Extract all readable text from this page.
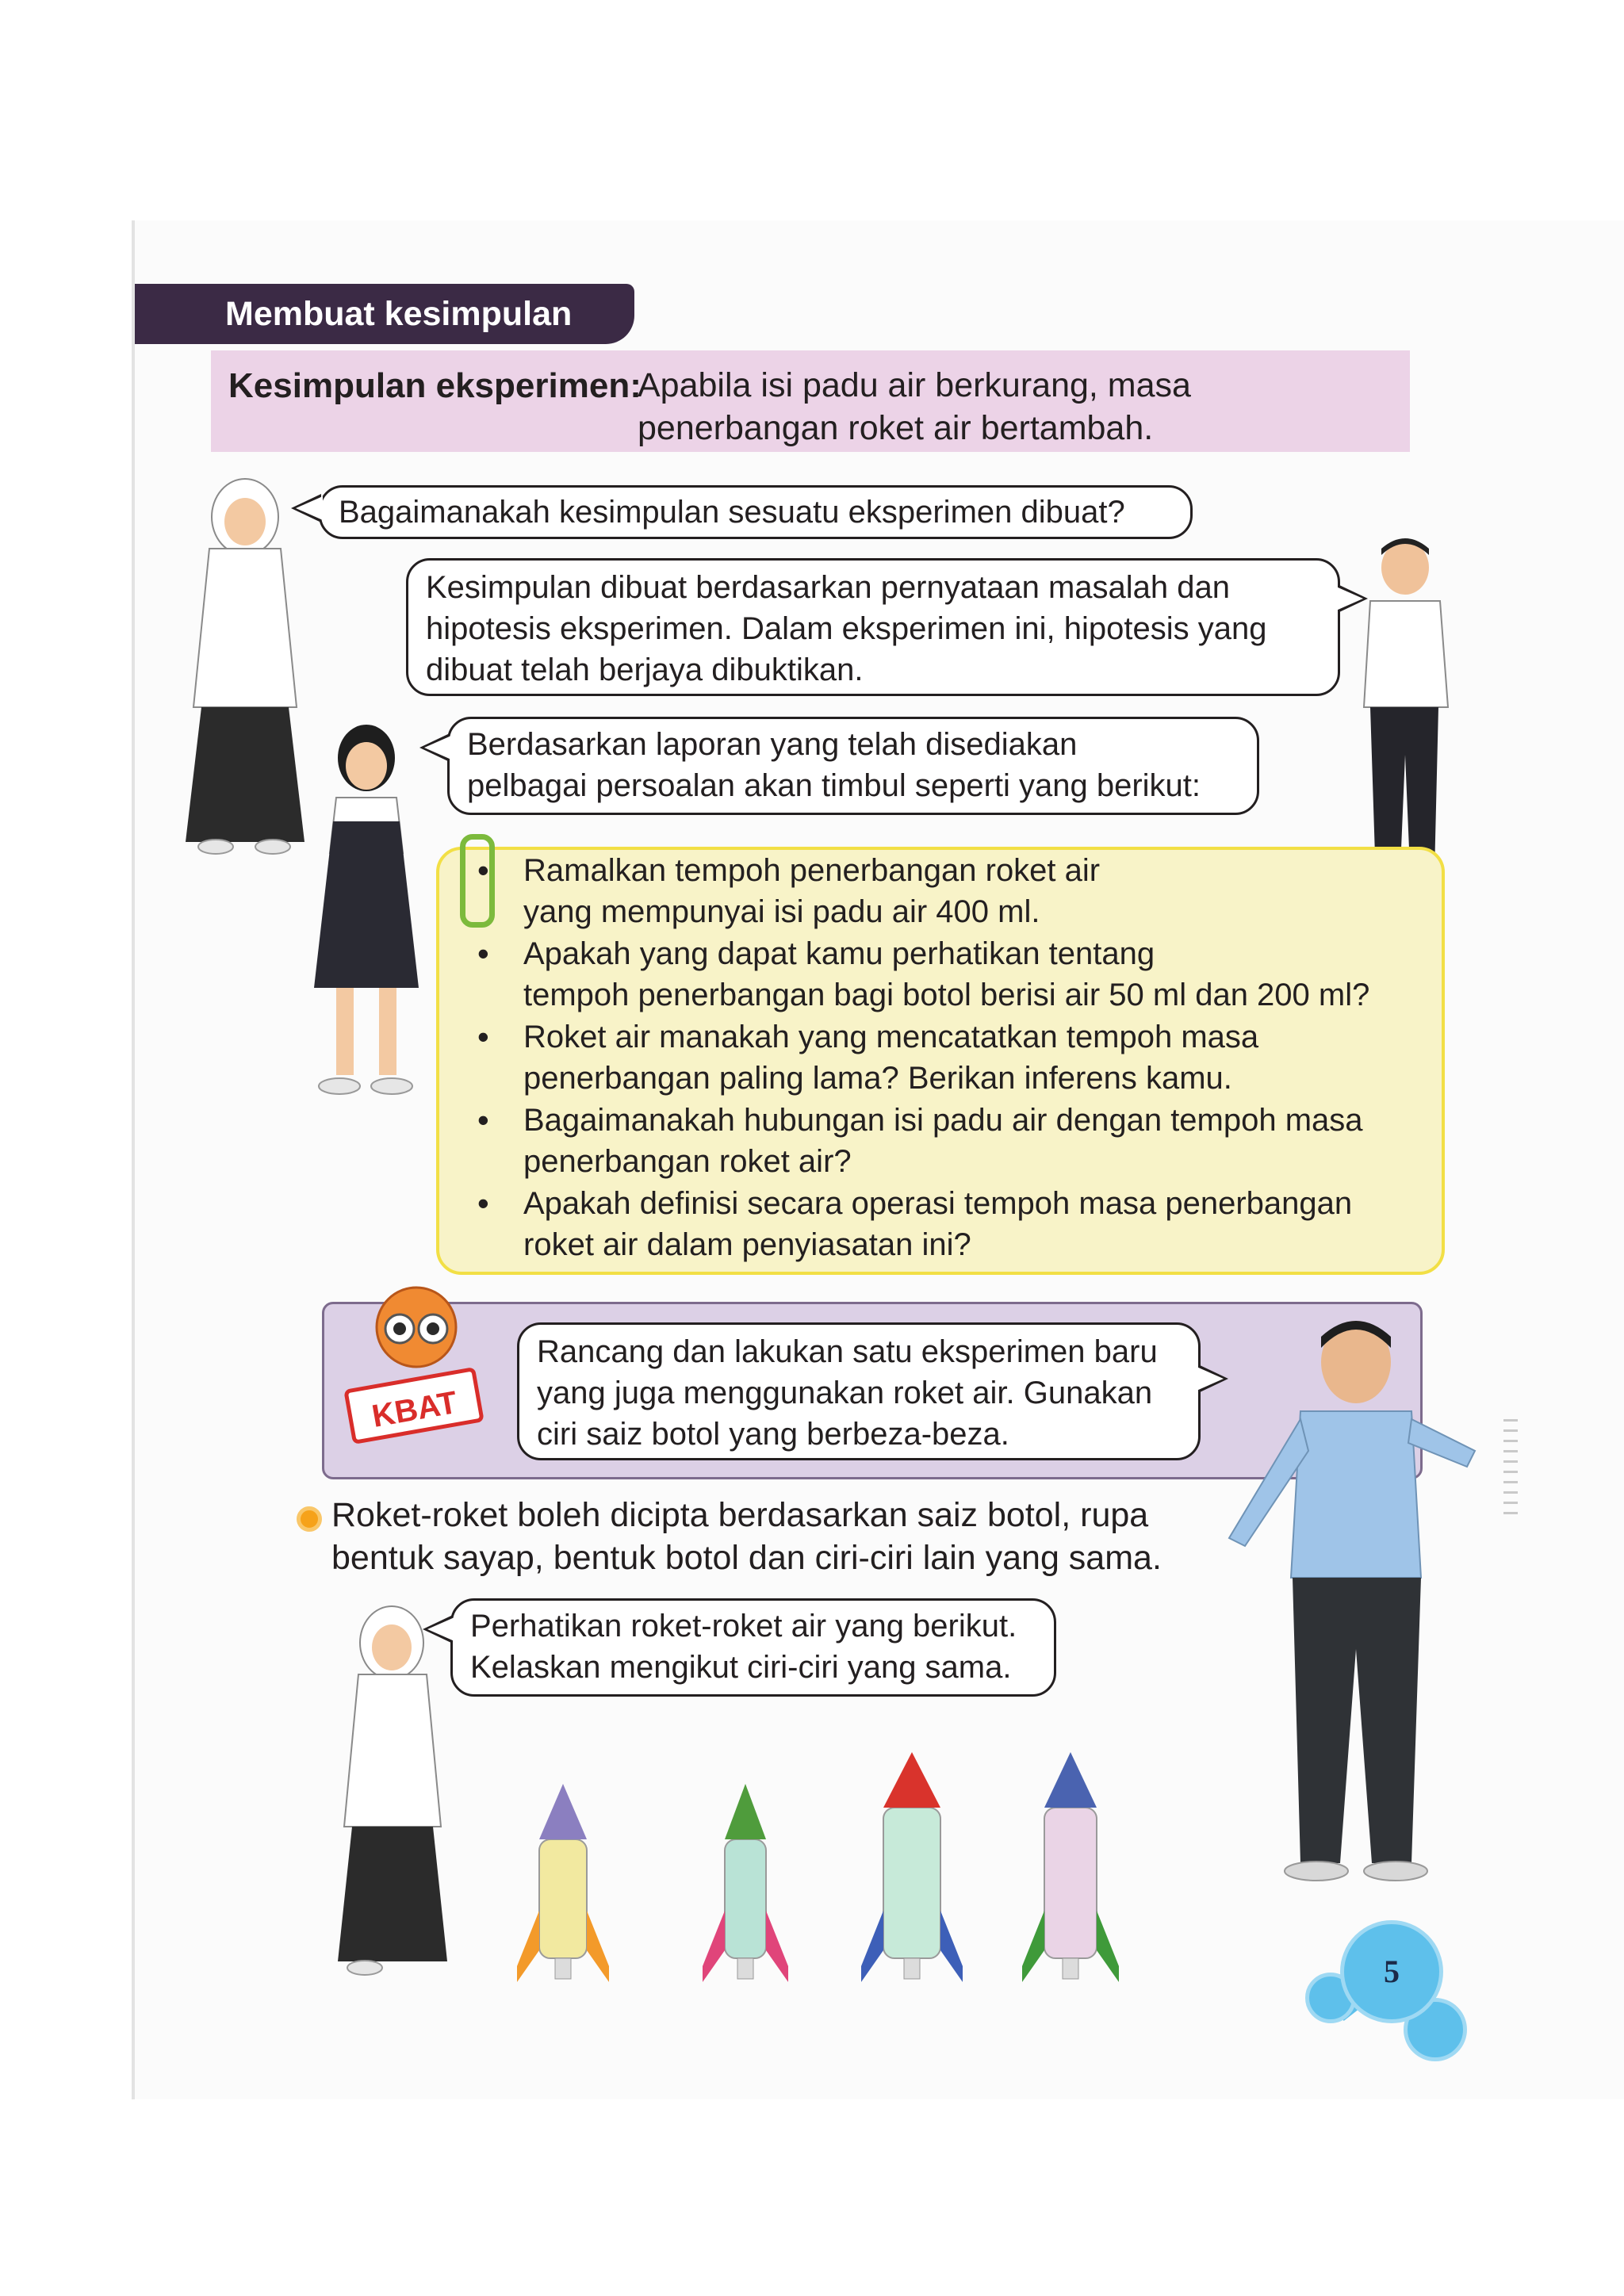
Membuat kesimpulan
Kesimpulan eksperimen:
Apabila isi padu air berkurang, masa
penerbangan roket air bertambah.
Bagaimanakah kesimpulan sesuatu eksperimen dibuat?
Kesimpulan dibuat berdasarkan pernyataan masalah dan
hipotesis eksperimen. Dalam eksperimen ini, hipotesis yang
dibuat telah berjaya dibuktikan.
Berdasarkan laporan yang telah disediakan
pelbagai persoalan akan timbul seperti yang berikut:
• Ramalkan tempoh penerbangan roket air
yang mempunyai isi padu air 400 ml.
• Apakah yang dapat kamu perhatikan tentang
tempoh penerbangan bagi botol berisi air 50 ml dan 200 ml?
• Roket air manakah yang mencatatkan tempoh masa
penerbangan paling lama? Berikan inferens kamu.
• Bagaimanakah hubungan isi padu air dengan tempoh masa
penerbangan roket air?
• Apakah definisi secara operasi tempoh masa penerbangan
roket air dalam penyiasatan ini?
KBAT
Rancang dan lakukan satu eksperimen baru
yang juga menggunakan roket air. Gunakan
ciri saiz botol yang berbeza-beza.
Roket-roket boleh dicipta berdasarkan saiz botol, rupa
bentuk sayap, bentuk botol dan ciri-ciri lain yang sama.
Perhatikan roket-roket air yang berikut.
Kelaskan mengikut ciri-ciri yang sama.
5
